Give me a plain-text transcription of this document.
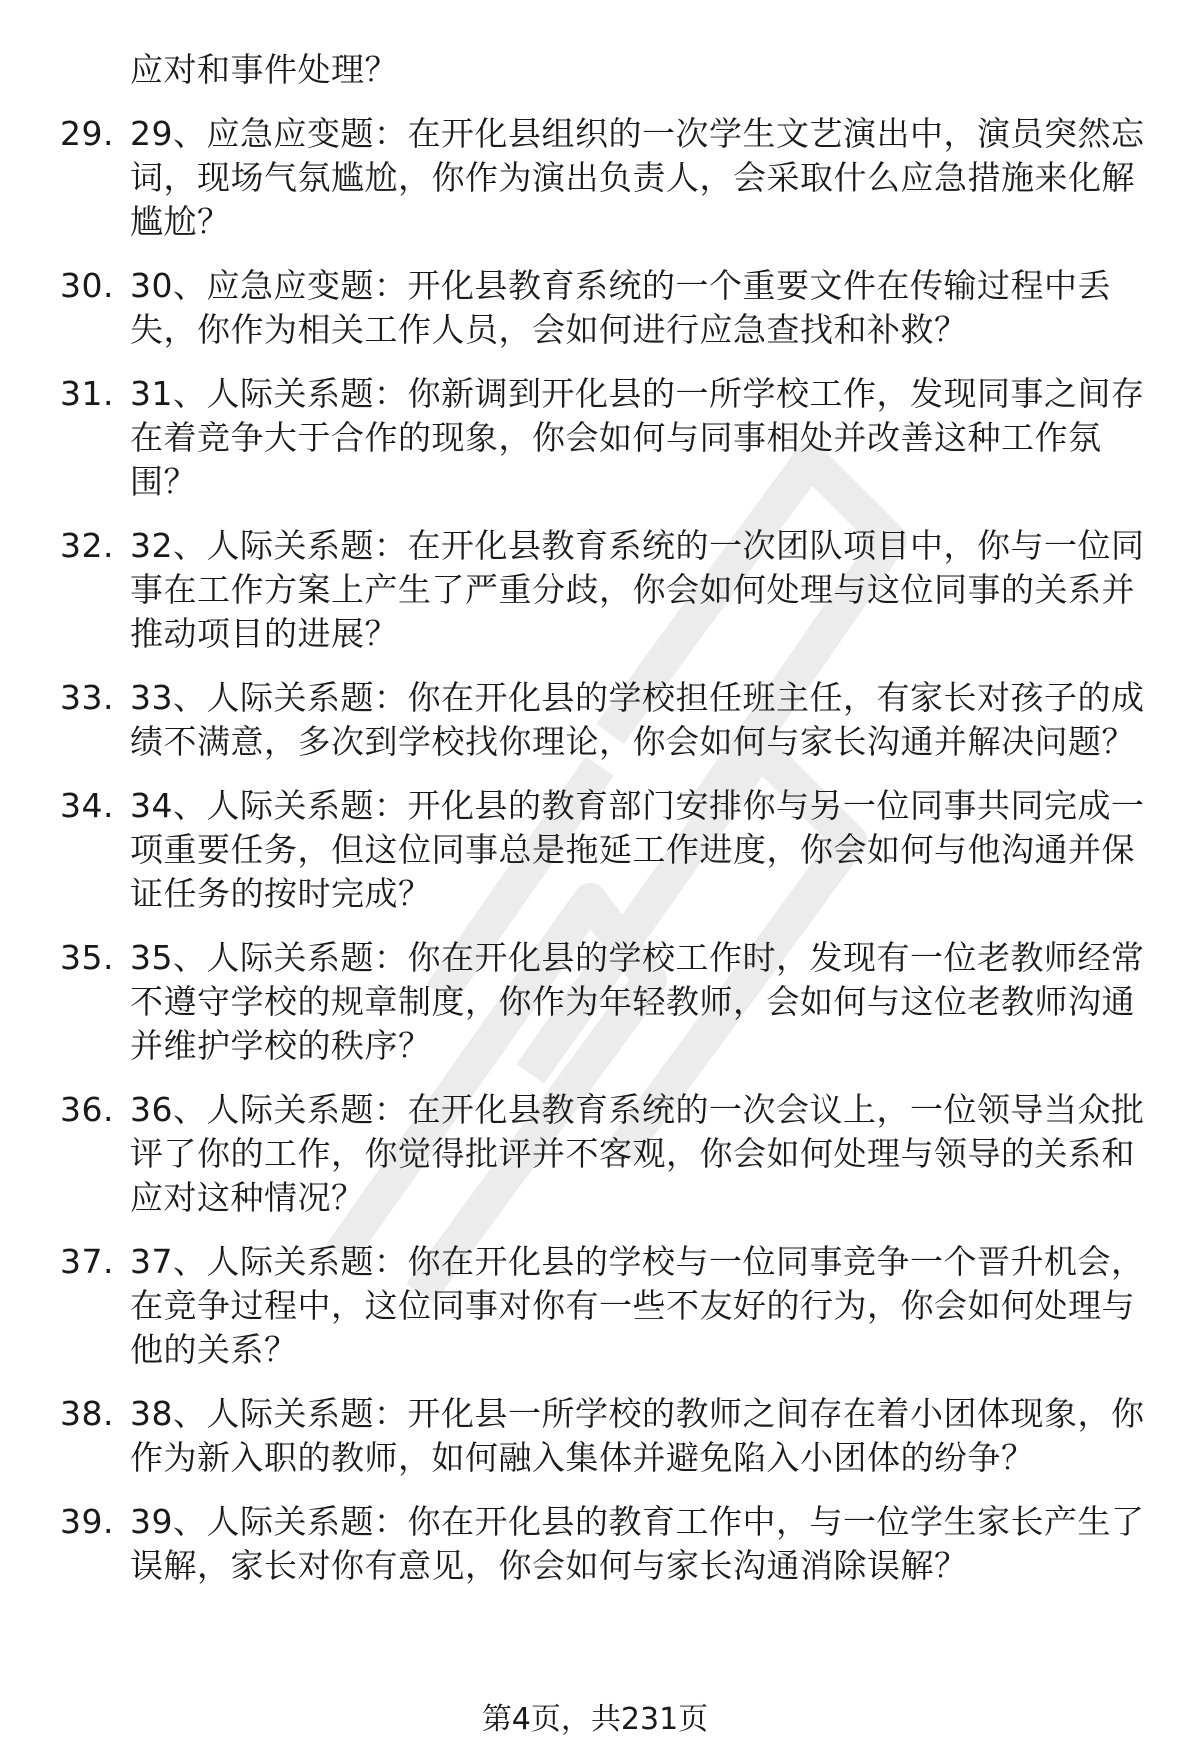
应对和事件处理？
29. 29、应急应变题：在开化县组织的一次学生文艺演出中，演员突然忘词，现场气氛尴尬，你作为演出负责人，会采取什么应急措施来化解尴尬？
30. 30、应急应变题：开化县教育系统的一个重要文件在传输过程中丢失，你作为相关工作人员，会如何进行应急查找和补救？
31. 31、人际关系题：你新调到开化县的一所学校工作，发现同事之间存在着竞争大于合作的现象，你会如何与同事相处并改善这种工作氛围？
32. 32、人际关系题：在开化县教育系统的一次团队项目中，你与一位同事在工作方案上产生了严重分歧，你会如何处理与这位同事的关系并推动项目的进展？
33. 33、人际关系题：你在开化县的学校担任班主任，有家长对孩子的成绩不满意，多次到学校找你理论，你会如何与家长沟通并解决问题？
34. 34、人际关系题：开化县的教育部门安排你与另一位同事共同完成一项重要任务，但这位同事总是拖延工作进度，你会如何与他沟通并保证任务的按时完成？
35. 35、人际关系题：你在开化县的学校工作时，发现有一位老教师经常不遵守学校的规章制度，你作为年轻教师，会如何与这位老教师沟通并维护学校的秩序？
36. 36、人际关系题：在开化县教育系统的一次会议上，一位领导当众批评了你的工作，你觉得批评并不客观，你会如何处理与领导的关系和应对这种情况？
37. 37、人际关系题：你在开化县的学校与一位同事竞争一个晋升机会，在竞争过程中，这位同事对你有一些不友好的行为，你会如何处理与他的关系？
38. 38、人际关系题：开化县一所学校的教师之间存在着小团体现象，你作为新入职的教师，如何融入集体并避免陷入小团体的纷争？
39. 39、人际关系题：你在开化县的教育工作中，与一位学生家长产生了误解，家长对你有意见，你会如何与家长沟通消除误解？
第4页，共231页
